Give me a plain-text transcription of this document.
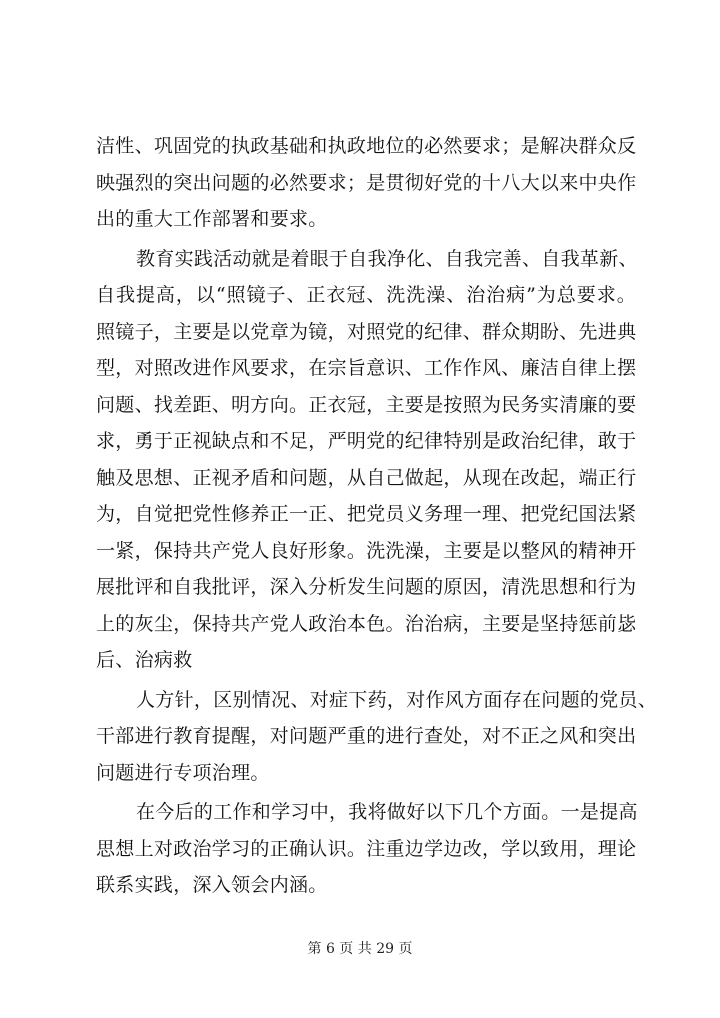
洁性、巩固党的执政基础和执政地位的必然要求；是解决群众反
映强烈的突出问题的必然要求；是贯彻好党的十八大以来中央作
出的重大工作部署和要求。
教育实践活动就是着眼于自我净化、自我完善、自我革新、
自我提高，以“照镜子、正衣冠、洗洗澡、治治病”为总要求。
照镜子，主要是以党章为镜，对照党的纪律、群众期盼、先进典
型，对照改进作风要求，在宗旨意识、工作作风、廉洁自律上摆
问题、找差距、明方向。正衣冠，主要是按照为民务实清廉的要
求，勇于正视缺点和不足，严明党的纪律特别是政治纪律，敢于
触及思想、正视矛盾和问题，从自己做起，从现在改起，端正行
为，自觉把党性修养正一正、把党员义务理一理、把党纪国法紧
一紧，保持共产党人良好形象。洗洗澡，主要是以整风的精神开
展批评和自我批评，深入分析发生问题的原因，清洗思想和行为
上的灰尘，保持共产党人政治本色。治治病，主要是坚持惩前毖
后、治病救
人方针，区别情况、对症下药，对作风方面存在问题的党员、
干部进行教育提醒，对问题严重的进行查处，对不正之风和突出
问题进行专项治理。
在今后的工作和学习中，我将做好以下几个方面。一是提高
思想上对政治学习的正确认识。注重边学边改，学以致用，理论
联系实践，深入领会内涵。
第 6 页 共 29 页
